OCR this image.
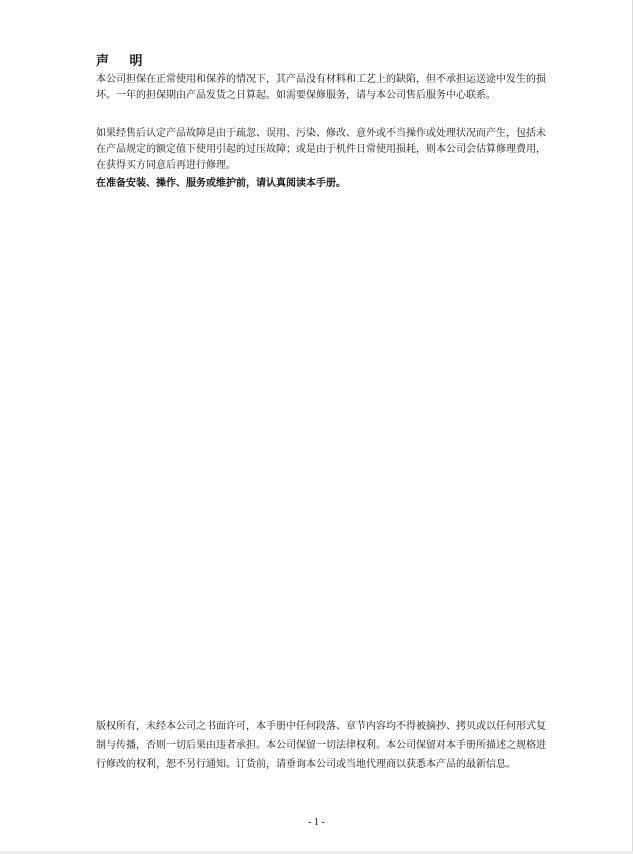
声 明
本公司担保在正常使用和保养的情况下，其产品没有材料和工艺上的缺陷，但不承担运送途中发生的损坏。一年的担保期由产品发货之日算起。如需要保修服务，请与本公司售后服务中心联系。
如果经售后认定产品故障是由于疏忽、误用、污染、修改、意外或不当操作或处理状况而产生，包括未在产品规定的额定值下使用引起的过压故障；或是由于机件日常使用损耗，则本公司会估算修理费用，在获得买方同意后再进行修理。
在准备安装、操作、服务或维护前，请认真阅读本手册。
版权所有，未经本公司之书面许可，本手册中任何段落、章节内容均不得被摘抄、拷贝或以任何形式复制与传播，否则一切后果由违者承担。本公司保留一切法律权利。本公司保留对本手册所描述之规格进行修改的权利，恕不另行通知。订货前，请垂询本公司或当地代理商以获悉本产品的最新信息。
- 1 -
